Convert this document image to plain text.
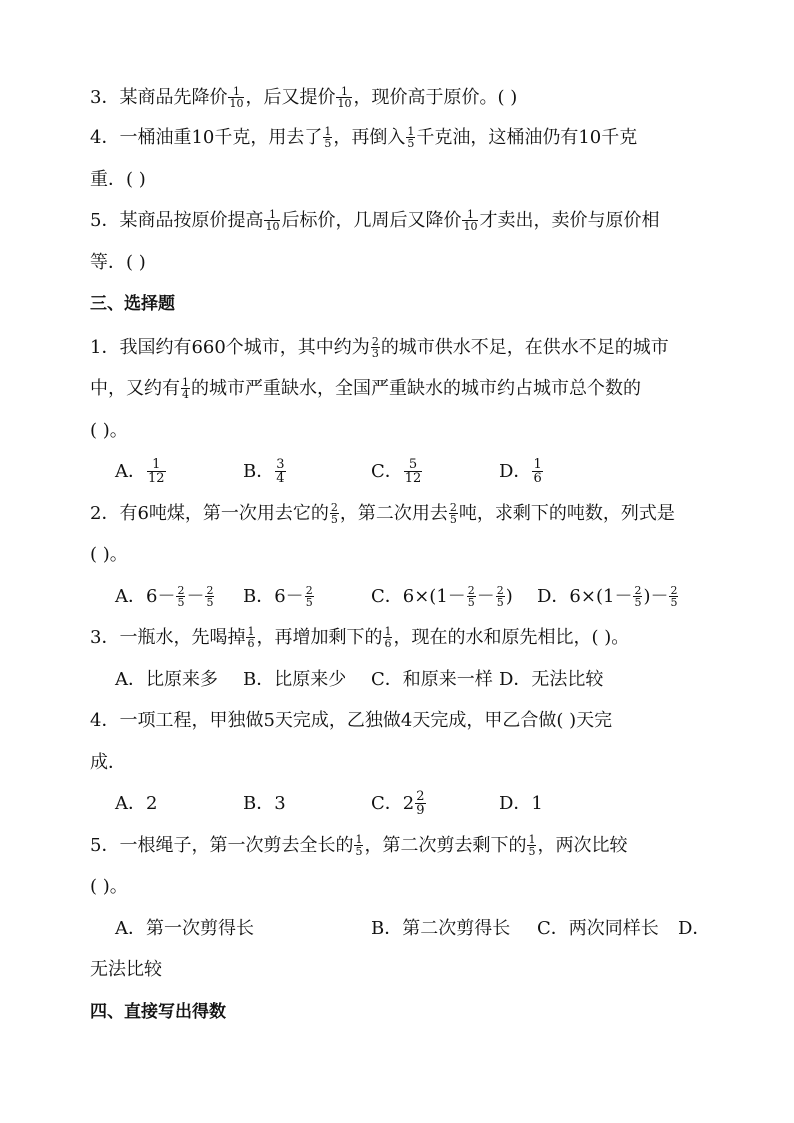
3．某商品先降价 $\frac{1}{10}$ ，后又提价 $\frac{1}{10}$ ，现价高于原价。( )
4．一桶油重10千克，用去了 $\frac{1}{5}$ ，再倒入 $\frac{1}{5}$ 千克油，这桶油仍有10千克
重．( )
5．某商品按原价提高 $\frac{1}{10}$ 后标价，几周后又降价 $\frac{1}{10}$ 才卖出，卖价与原价相
等．( )
三、选择题
1．我国约有660个城市，其中约为 $\frac{2}{3}$ 的城市供水不足，在供水不足的城市
中，又约有 $\frac{1}{4}$ 的城市严重缺水，全国严重缺水的城市约占城市总个数的
( )。
A． $\frac{1}{12}$	B． $\frac{3}{4}$	C． $\frac{5}{12}$	D． $\frac{1}{6}$
2．有6吨煤，第一次用去它的 $\frac{2}{5}$ ，第二次用去 $\frac{2}{5}$ 吨，求剩下的吨数，列式是
( )。
A．$6- \frac{2}{5} - \frac{2}{5}$ B．$6- \frac{2}{5}$	C．$6\times(1- \frac{2}{5} - \frac{2}{5}$ ) D．$6\times(1- \frac{2}{5}$ )－ $\frac{2}{5}$
3．一瓶水，先喝掉 $\frac{1}{6}$ ，再增加剩下的 $\frac{1}{6}$ ，现在的水和原先相比，( )。
A．比原来多 B．比原来少 C．和原来一样 D．无法比较
4．一项工程，甲独做5天完成，乙独做4天完成，甲乙合做( )天完
成．
A．2	B．3	C．$2 \frac{2}{9}$	D．1
5．一根绳子，第一次剪去全长的 $\frac{1}{5}$ ，第二次剪去剩下的 $\frac{1}{5}$ ，两次比较
( )。
A．第一次剪得长	B．第二次剪得长 C．两次同样长 D．
无法比较
四、直接写出得数
